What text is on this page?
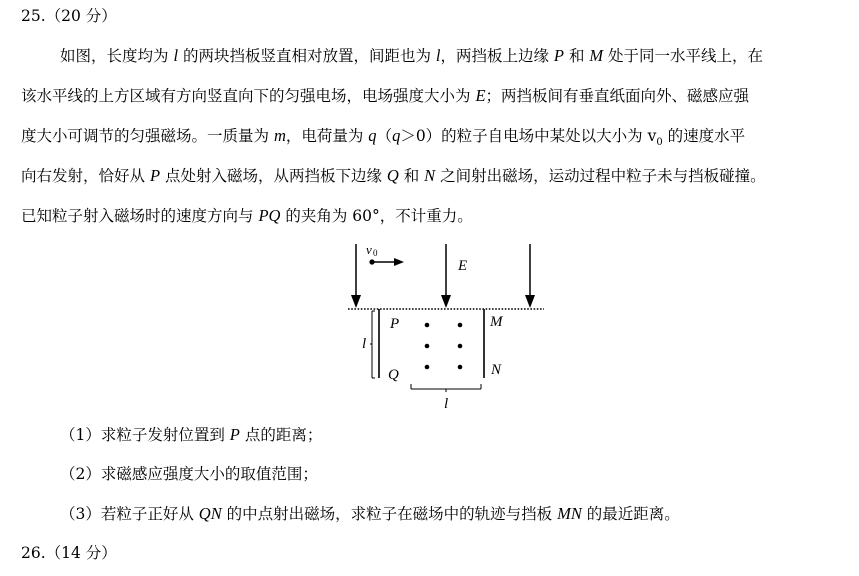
25.（20 分）
如图，长度均为 l 的两块挡板竖直相对放置，间距也为 l，两挡板上边缘 P 和 M 处于同一水平线上，在
该水平线的上方区域有方向竖直向下的匀强电场，电场强度大小为 E；两挡板间有垂直纸面向外、磁感应强
度大小可调节的匀强磁场。一质量为 m，电荷量为 q（q＞0）的粒子自电场中某处以大小为 $v_0$ 的速度水平
向右发射，恰好从 P 点处射入磁场，从两挡板下边缘 Q 和 N 之间射出磁场，运动过程中粒子未与挡板碰撞。
已知粒子射入磁场时的速度方向与 PQ 的夹角为 60°，不计重力。
v 0
E
P	M
Q	N
l
l
（1）求粒子发射位置到 P 点的距离；
（2）求磁感应强度大小的取值范围；
（3）若粒子正好从 QN 的中点射出磁场，求粒子在磁场中的轨迹与挡板 MN 的最近距离。
26.（14 分）
